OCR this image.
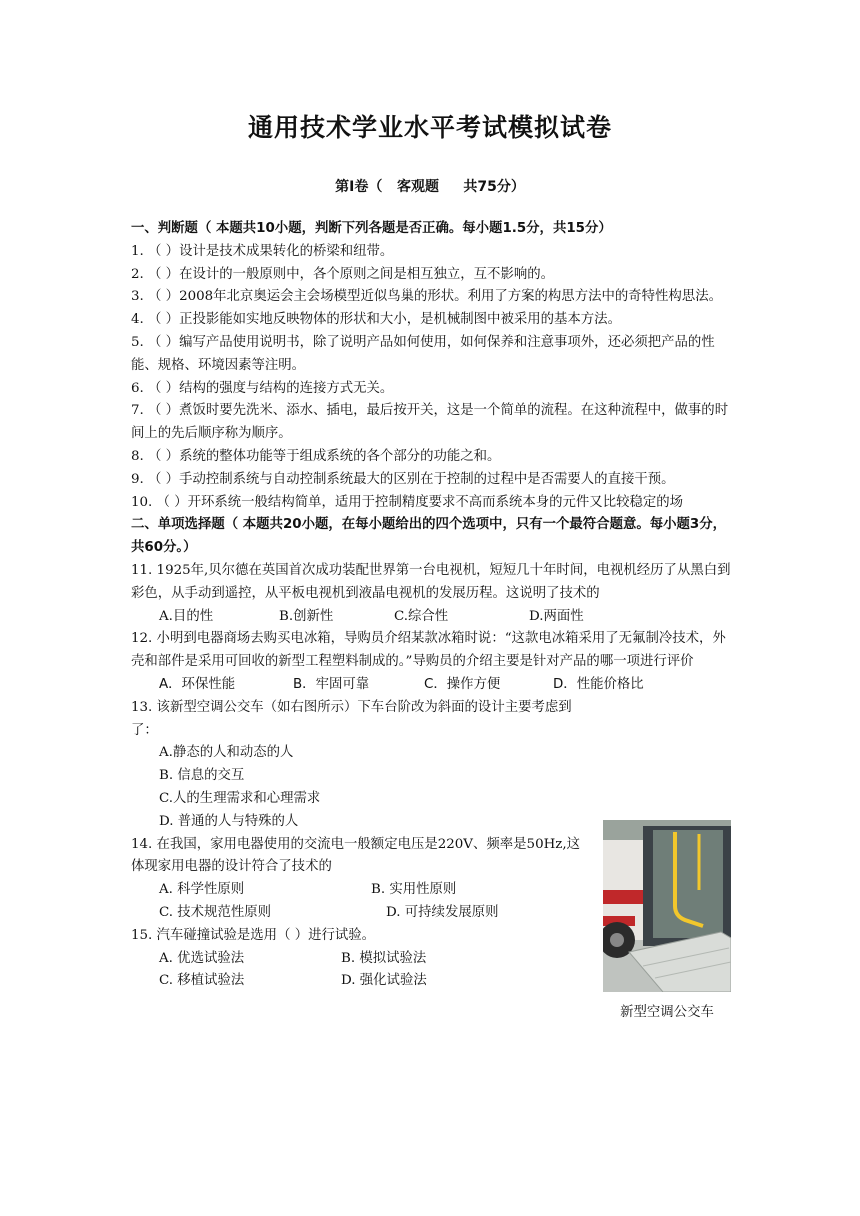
通用技术学业水平考试模拟试卷
第Ⅰ卷（   客观题     共75分）
一、判断题（ 本题共10小题，判断下列各题是否正确。每小题1.5分，共15分）
1. （ ）设计是技术成果转化的桥梁和纽带。
2. （ ）在设计的一般原则中，各个原则之间是相互独立，互不影响的。
3. （ ）2008年北京奥运会主会场模型近似鸟巢的形状。利用了方案的构思方法中的奇特性构思法。
4. （ ）正投影能如实地反映物体的形状和大小，是机械制图中被采用的基本方法。
5. （ ）编写产品使用说明书，除了说明产品如何使用，如何保养和注意事项外，还必须把产品的性能、规格、环境因素等注明。
6. （ ）结构的强度与结构的连接方式无关。
7. （ ）煮饭时要先洗米、添水、插电，最后按开关，这是一个简单的流程。在这种流程中，做事的时间上的先后顺序称为顺序。
8. （ ）系统的整体功能等于组成系统的各个部分的功能之和。
9. （ ）手动控制系统与自动控制系统最大的区别在于控制的过程中是否需要人的直接干预。
10. （ ）开环系统一般结构简单，适用于控制精度要求不高而系统本身的元件又比较稳定的场
二、单项选择题（ 本题共20小题，在每小题给出的四个选项中，只有一个最符合题意。每小题3分，共60分。）
11. 1925年,贝尔德在英国首次成功装配世界第一台电视机，短短几十年时间，电视机经历了从黑白到彩色，从手动到遥控，从平板电视机到液晶电视机的发展历程。这说明了技术的
A.目的性	B.创新性	C.综合性	D.两面性
12. 小明到电器商场去购买电冰箱，导购员介绍某款冰箱时说：“这款电冰箱采用了无氟制冷技术，外壳和部件是采用可回收的新型工程塑料制成的。”导购员的介绍主要是针对产品的哪一项进行评价
A．环保性能	B．牢固可靠	C．操作方便	D．性能价格比
13. 该新型空调公交车（如右图所示）下车台阶改为斜面的设计主要考虑到了：
A.静态的人和动态的人
B. 信息的交互
C.人的生理需求和心理需求
D. 普通的人与特殊的人
14. 在我国，家用电器使用的交流电一般额定电压是220V、频率是50Hz,这体现家用电器的设计符合了技术的
A. 科学性原则	B. 实用性原则
C. 技术规范性原则	D. 可持续发展原则
15. 汽车碰撞试验是选用（ ）进行试验。
A. 优选试验法	B. 模拟试验法
C. 移植试验法	D. 强化试验法
新型空调公交车
